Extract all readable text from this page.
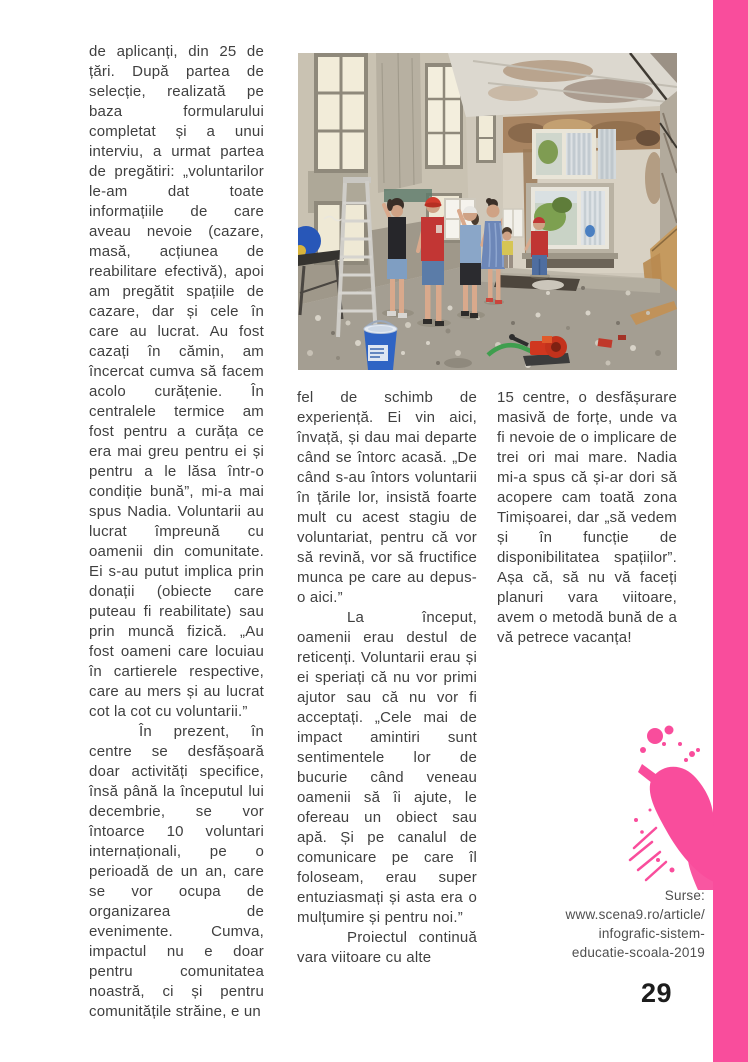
de aplicanți, din 25 de țări. După partea de selecție, realizată pe baza formularului completat și a unui interviu, a urmat partea de pregătiri: „voluntarilor le-am dat toate informațiile de care aveau nevoie (cazare, masă, acțiunea de reabilitare efectivă), apoi am pregătit spațiile de cazare, dar și cele în care au lucrat. Au fost cazați în cămin, am încercat cumva să facem acolo curățenie. În centralele termice am fost pentru a curăța ce era mai greu pentru ei și pentru a le lăsa într-o condiție bună”, mi-a mai spus Nadia. Voluntarii au lucrat împreună cu oamenii din comunitate. Ei s-au putut implica prin donații (obiecte care puteau fi reabilitate) sau prin muncă fizică. „Au fost oameni care locuiau în cartierele respective, care au mers și au lucrat cot la cot cu voluntarii.”

În prezent, în centre se desfășoară doar activități specifice, însă până la începutul lui decembrie, se vor întoarce 10 voluntari internaționali, pe o perioadă de un an, care se vor ocupa de organizarea de evenimente. Cumva, impactul nu e doar pentru comunitatea noastră, ci și pentru comunitățile străine, e un

fel de schimb de experiență. Ei vin aici, învață, și dau mai departe când se întorc acasă. „De când s-au întors voluntarii în țările lor, insistă foarte mult cu acest stagiu de voluntariat, pentru că vor să revină, vor să fructifice munca pe care au depus-o aici.”

La început, oamenii erau destul de reticenți. Voluntarii erau și ei speriați că nu vor primi ajutor sau că nu vor fi acceptați. „Cele mai de impact amintiri sunt sentimentele lor de bucurie când veneau oamenii să îi ajute, le ofereau un obiect sau apă. Și pe canalul de comunicare pe care îl foloseam, erau super entuziasmați și asta era o mulțumire și pentru noi.”

Proiectul continuă vara viitoare cu alte

15 centre, o desfășurare masivă de forțe, unde va fi nevoie de o implicare de trei ori mai mare. Nadia mi-a spus că și-ar dori să acopere cam toată zona Timișoarei, dar „să vedem și în funcție de disponibilitatea spațiilor”. Așa că, să nu vă faceți planuri vara viitoare, avem o metodă bună de a vă petrece vacanța!

Surse:
www.scena9.ro/article/
infografic-sistem-
educatie-scoala-2019
29
